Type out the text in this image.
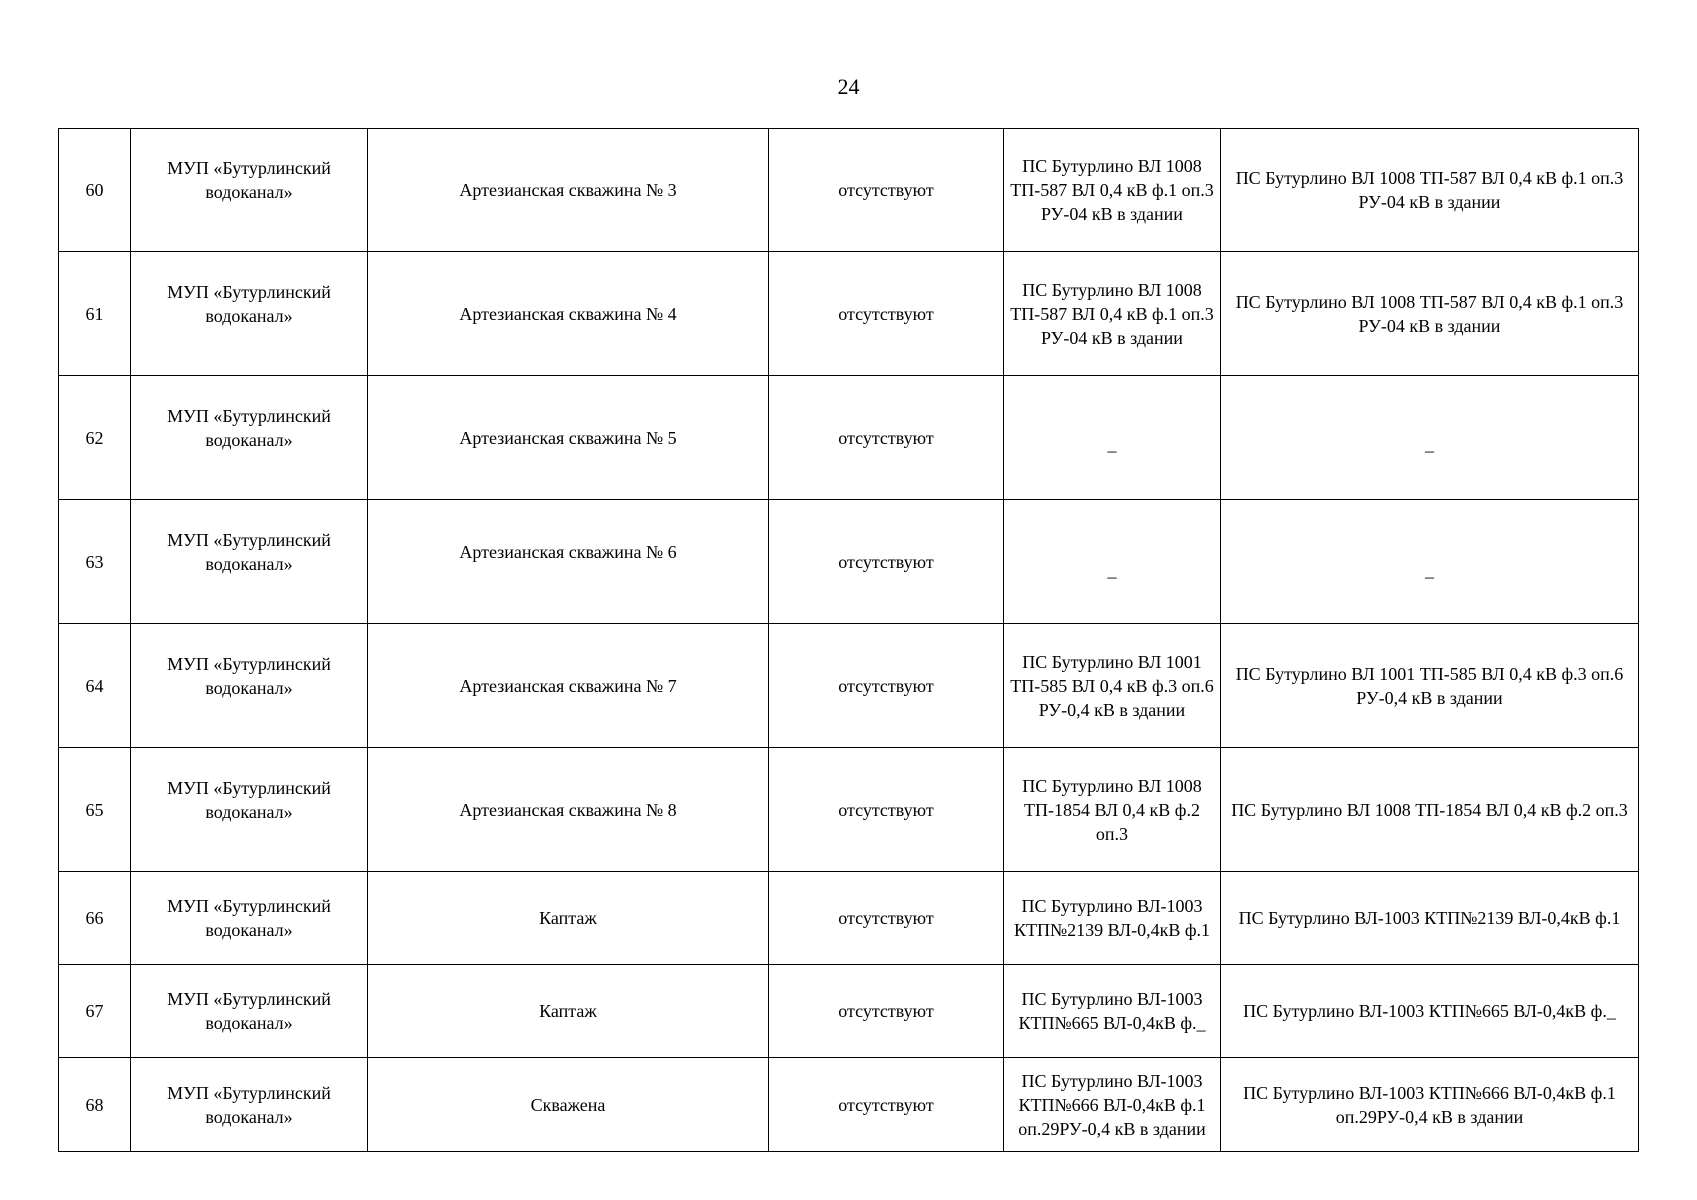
24
60	МУП «Бутурлинский водоканал»	Артезианская скважина № 3	отсутствуют	ПС Бутурлино ВЛ 1008 ТП-587 ВЛ 0,4 кВ ф.1 оп.3 РУ-04 кВ в здании	ПС Бутурлино ВЛ 1008 ТП-587 ВЛ 0,4 кВ ф.1 оп.3 РУ-04 кВ в здании
61	МУП «Бутурлинский водоканал»	Артезианская скважина № 4	отсутствуют	ПС Бутурлино ВЛ 1008 ТП-587 ВЛ 0,4 кВ ф.1 оп.3 РУ-04 кВ в здании	ПС Бутурлино ВЛ 1008 ТП-587 ВЛ 0,4 кВ ф.1 оп.3 РУ-04 кВ в здании
62	МУП «Бутурлинский водоканал»	Артезианская скважина № 5	отсутствуют	_	_
63	МУП «Бутурлинский водоканал»	Артезианская скважина № 6	отсутствуют	_	_
64	МУП «Бутурлинский водоканал»	Артезианская скважина № 7	отсутствуют	ПС Бутурлино ВЛ 1001 ТП-585 ВЛ 0,4 кВ ф.3 оп.6 РУ-0,4 кВ в здании	ПС Бутурлино ВЛ 1001 ТП-585 ВЛ 0,4 кВ ф.3 оп.6 РУ-0,4 кВ в здании
65	МУП «Бутурлинский водоканал»	Артезианская скважина № 8	отсутствуют	ПС Бутурлино ВЛ 1008 ТП-1854 ВЛ 0,4 кВ ф.2 оп.3	ПС Бутурлино ВЛ 1008 ТП-1854 ВЛ 0,4 кВ ф.2 оп.3
66	МУП «Бутурлинский водоканал»	Каптаж	отсутствуют	ПС Бутурлино ВЛ-1003 КТП№2139 ВЛ-0,4кВ ф.1	ПС Бутурлино ВЛ-1003 КТП№2139 ВЛ-0,4кВ ф.1
67	МУП «Бутурлинский водоканал»	Каптаж	отсутствуют	ПС Бутурлино ВЛ-1003 КТП№665 ВЛ-0,4кВ ф._	ПС Бутурлино ВЛ-1003 КТП№665 ВЛ-0,4кВ ф._
68	МУП «Бутурлинский водоканал»	Скважена	отсутствуют	ПС Бутурлино ВЛ-1003 КТП№666 ВЛ-0,4кВ ф.1 оп.29РУ-0,4 кВ в здании	ПС Бутурлино ВЛ-1003 КТП№666 ВЛ-0,4кВ ф.1 оп.29РУ-0,4 кВ в здании
